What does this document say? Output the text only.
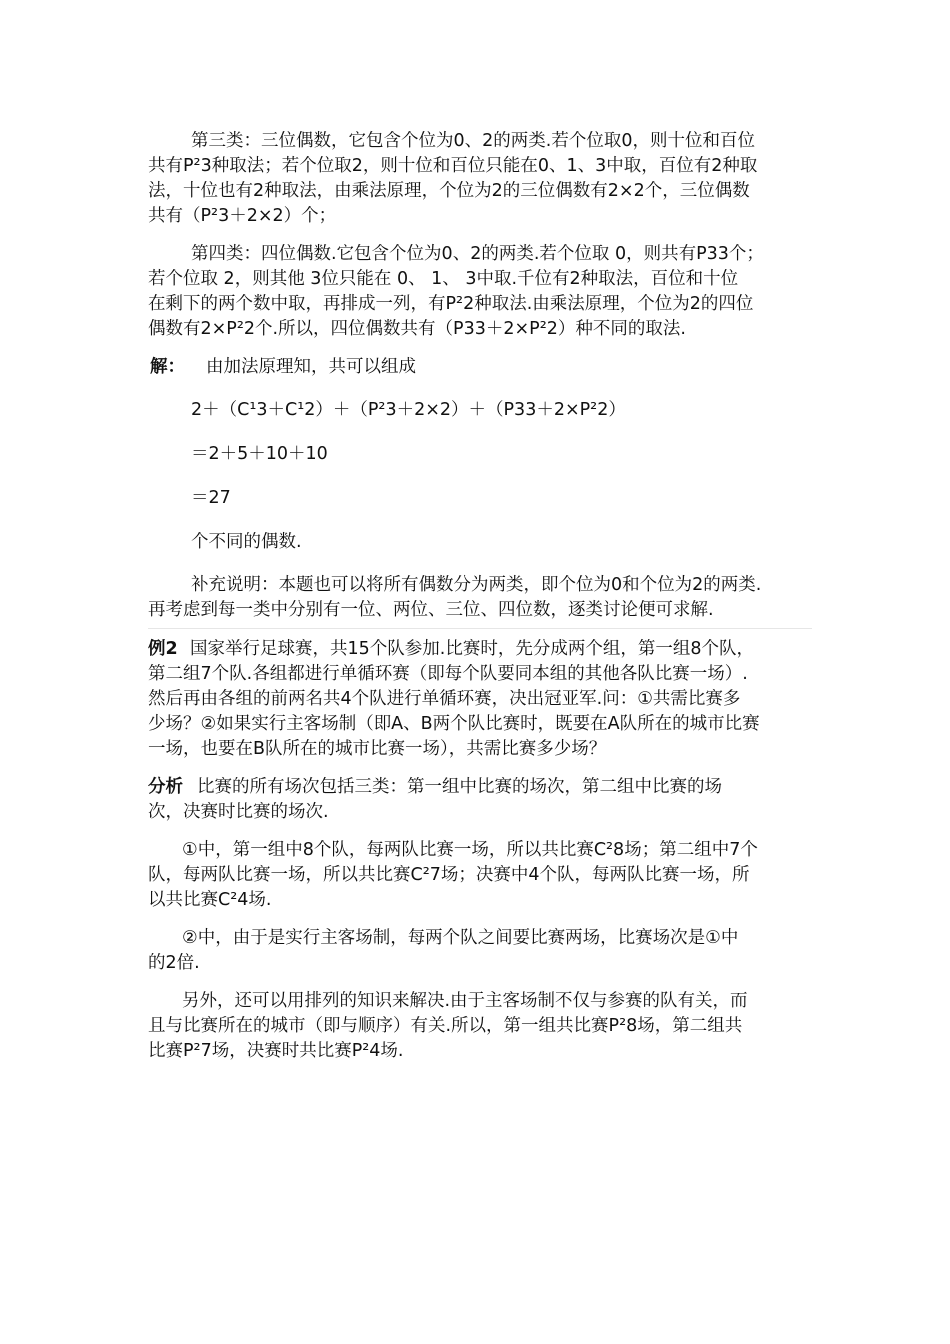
第三类：三位偶数，它包含个位为0、2的两类.若个位取0，则十位和百位
共有P²3种取法；若个位取2，则十位和百位只能在0、1、3中取，百位有2种取
法，十位也有2种取法，由乘法原理，个位为2的三位偶数有2×2个，三位偶数
共有（P²3＋2×2）个；
第四类：四位偶数.它包含个位为0、2的两类.若个位取 0，则共有P33个；
若个位取 2，则其他 3位只能在 0、 1、 3中取.千位有2种取法，百位和十位
在剩下的两个数中取，再排成一列，有P²2种取法.由乘法原理，个位为2的四位
偶数有2×P²2个.所以，四位偶数共有（P33＋2×P²2）种不同的取法.
解： 由加法原理知，共可以组成
2＋（C¹3＋C¹2）＋（P²3＋2×2）＋（P33＋2×P²2）
＝2＋5＋10＋10
＝27
个不同的偶数.
补充说明：本题也可以将所有偶数分为两类，即个位为0和个位为2的两类.
再考虑到每一类中分别有一位、两位、三位、四位数，逐类讨论便可求解.
例2 国家举行足球赛，共15个队参加.比赛时，先分成两个组，第一组8个队，
第二组7个队.各组都进行单循环赛（即每个队要同本组的其他各队比赛一场）.
然后再由各组的前两名共4个队进行单循环赛，决出冠亚军.问：①共需比赛多
少场？②如果实行主客场制（即A、B两个队比赛时，既要在A队所在的城市比赛
一场，也要在B队所在的城市比赛一场），共需比赛多少场？
分析 比赛的所有场次包括三类：第一组中比赛的场次，第二组中比赛的场
次，决赛时比赛的场次.
①中，第一组中8个队，每两队比赛一场，所以共比赛C²8场；第二组中7个
队，每两队比赛一场，所以共比赛C²7场；决赛中4个队，每两队比赛一场，所
以共比赛C²4场.
②中，由于是实行主客场制，每两个队之间要比赛两场，比赛场次是①中
的2倍.
另外，还可以用排列的知识来解决.由于主客场制不仅与参赛的队有关，而
且与比赛所在的城市（即与顺序）有关.所以，第一组共比赛P²8场，第二组共
比赛P²7场，决赛时共比赛P²4场.
